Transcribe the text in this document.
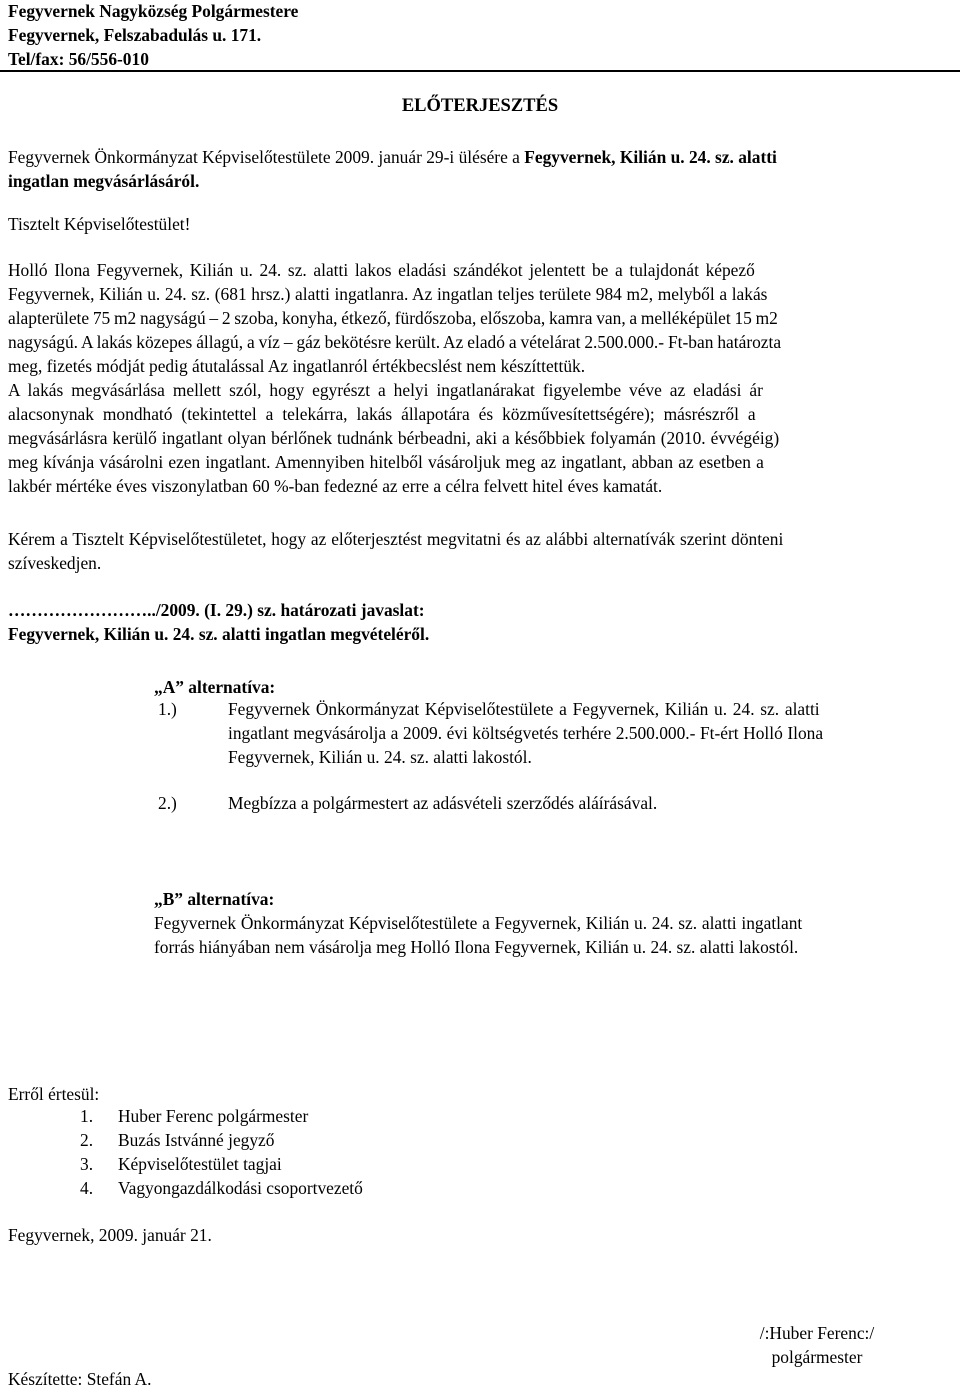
Fegyvernek Nagyközség Polgármestere
Fegyvernek, Felszabadulás u. 171.
Tel/fax: 56/556-010
ELŐTERJESZTÉS
Fegyvernek Önkormányzat Képviselőtestülete 2009. január 29-i ülésére a Fegyvernek, Kilián u. 24. sz. alatti
ingatlan megvásárlásáról.
Tisztelt Képviselőtestület!
Holló Ilona Fegyvernek, Kilián u. 24. sz. alatti lakos eladási szándékot jelentett be a tulajdonát képező
Fegyvernek, Kilián u. 24. sz. (681 hrsz.) alatti ingatlanra. Az ingatlan teljes területe 984 m2, melyből a lakás
alapterülete 75 m2 nagyságú – 2 szoba, konyha, étkező, fürdőszoba, előszoba, kamra van, a melléképület 15 m2
nagyságú. A lakás közepes állagú, a víz – gáz bekötésre került. Az eladó a vételárat 2.500.000.- Ft-ban határozta
meg, fizetés módját pedig átutalással Az ingatlanról értékbecslést nem készíttettük.
A lakás megvásárlása mellett szól, hogy egyrészt a helyi ingatlanárakat figyelembe véve az eladási ár
alacsonynak mondható (tekintettel a telekárra, lakás állapotára és közművesítettségére); másrészről a
megvásárlásra kerülő ingatlant olyan bérlőnek tudnánk bérbeadni, aki a későbbiek folyamán (2010. évvégéig)
meg kívánja vásárolni ezen ingatlant. Amennyiben hitelből vásároljuk meg az ingatlant, abban az esetben a
lakbér mértéke éves viszonylatban 60 %-ban fedezné az erre a célra felvett hitel éves kamatát.
Kérem a Tisztelt Képviselőtestületet, hogy az előterjesztést megvitatni és az alábbi alternatívák szerint dönteni
szíveskedjen.
……………………../2009. (I. 29.) sz. határozati javaslat:
Fegyvernek, Kilián u. 24. sz. alatti ingatlan megvételéről.
„A” alternatíva:
1.)	Fegyvernek Önkormányzat Képviselőtestülete a Fegyvernek, Kilián u. 24. sz. alatti
ingatlant megvásárolja a 2009. évi költségvetés terhére 2.500.000.- Ft-ért Holló Ilona
Fegyvernek, Kilián u. 24. sz. alatti lakostól.
2.)	Megbízza a polgármestert az adásvételi szerződés aláírásával.
„B” alternatíva:
Fegyvernek Önkormányzat Képviselőtestülete a Fegyvernek, Kilián u. 24. sz. alatti ingatlant
forrás hiányában nem vásárolja meg Holló Ilona Fegyvernek, Kilián u. 24. sz. alatti lakostól.
Erről értesül:
1. Huber Ferenc polgármester
2. Buzás Istvánné jegyző
3. Képviselőtestület tagjai
4. Vagyongazdálkodási csoportvezető
Fegyvernek, 2009. január 21.
/:Huber Ferenc:/
polgármester
Készítette: Stefán A.
